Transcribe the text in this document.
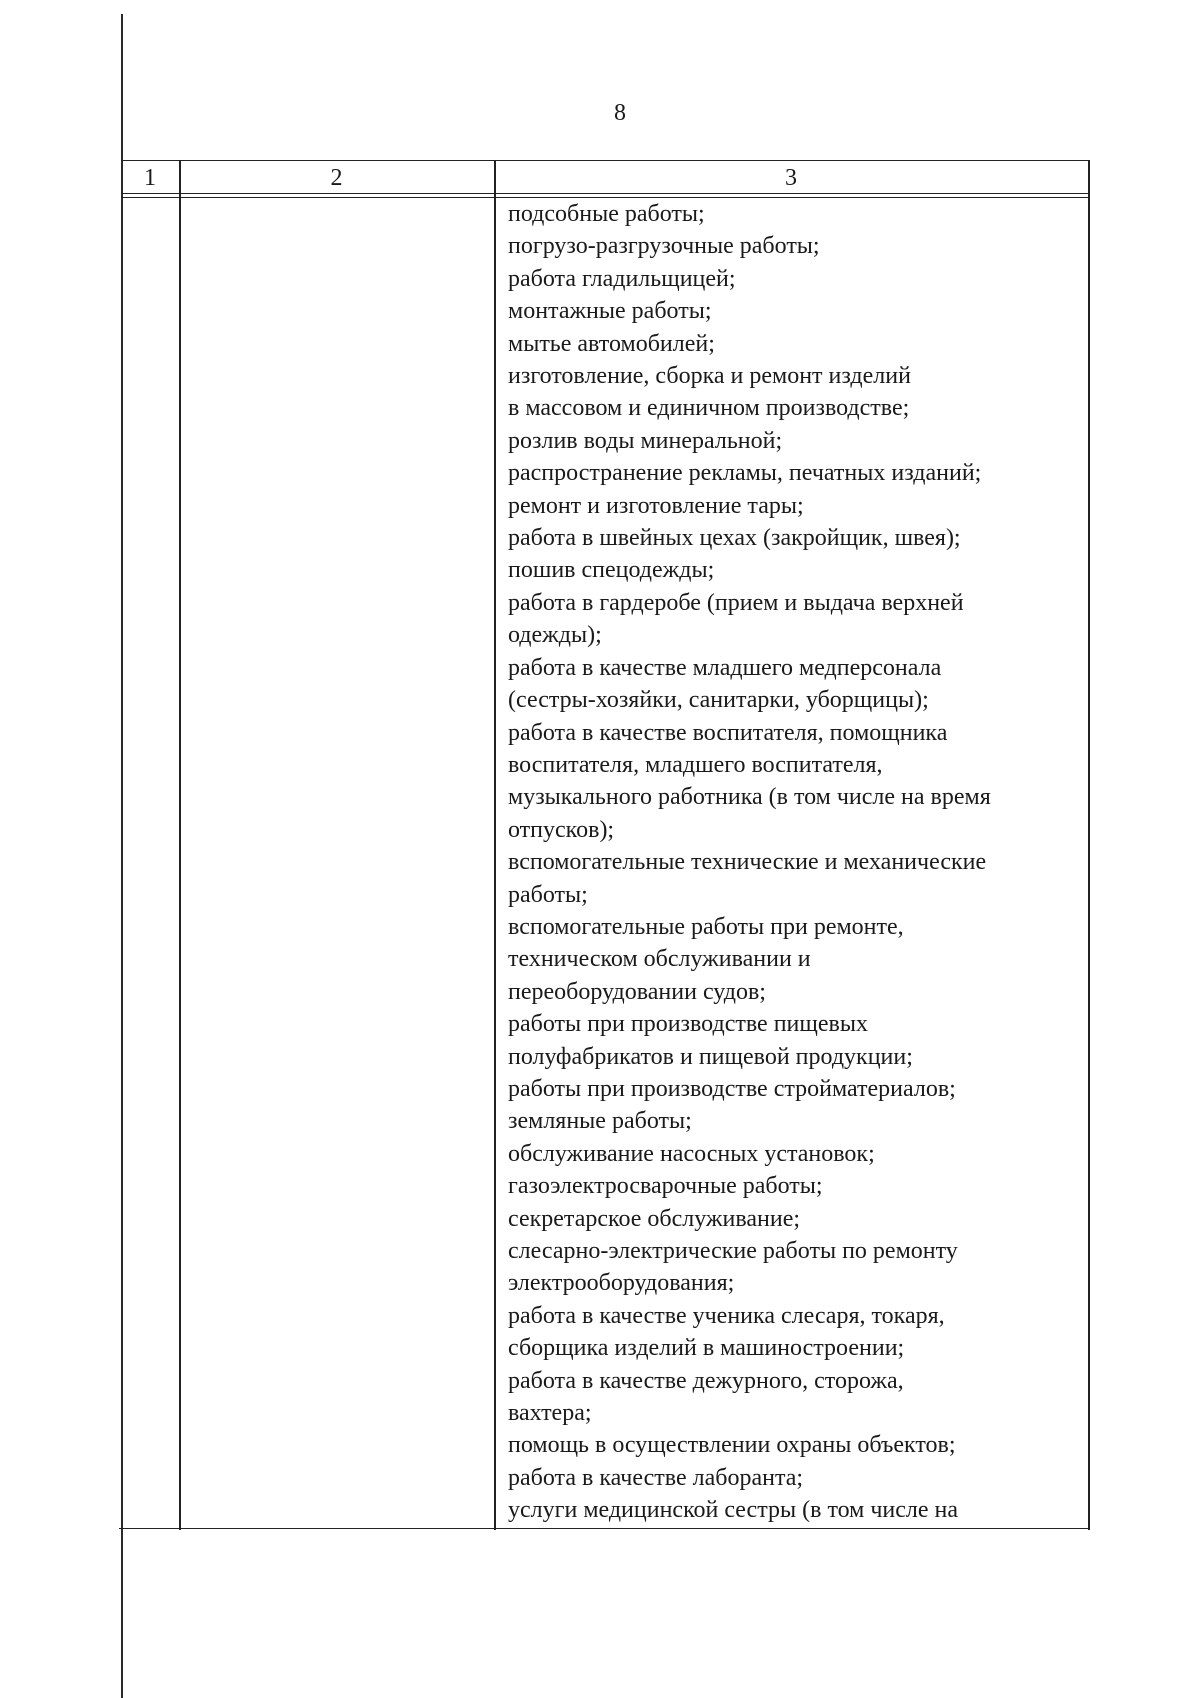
8
1	2	3
подсобные работы;
погрузо-разгрузочные работы;
работа гладильщицей;
монтажные работы;
мытье автомобилей;
изготовление, сборка и ремонт изделий
в массовом и единичном производстве;
розлив воды минеральной;
распространение рекламы, печатных изданий;
ремонт и изготовление тары;
работа в швейных цехах (закройщик, швея);
пошив спецодежды;
работа в гардеробе (прием и выдача верхней
одежды);
работа в качестве младшего медперсонала
(сестры-хозяйки, санитарки, уборщицы);
работа в качестве воспитателя, помощника
воспитателя, младшего воспитателя,
музыкального работника (в том числе на время
отпусков);
вспомогательные технические и механические
работы;
вспомогательные работы при ремонте,
техническом обслуживании и
переоборудовании судов;
работы при производстве пищевых
полуфабрикатов и пищевой продукции;
работы при производстве стройматериалов;
земляные работы;
обслуживание насосных установок;
газоэлектросварочные работы;
секретарское обслуживание;
слесарно-электрические работы по ремонту
электрооборудования;
работа в качестве ученика слесаря, токаря,
сборщика изделий в машиностроении;
работа в качестве дежурного, сторожа,
вахтера;
помощь в осуществлении охраны объектов;
работа в качестве лаборанта;
услуги медицинской сестры (в том числе на
